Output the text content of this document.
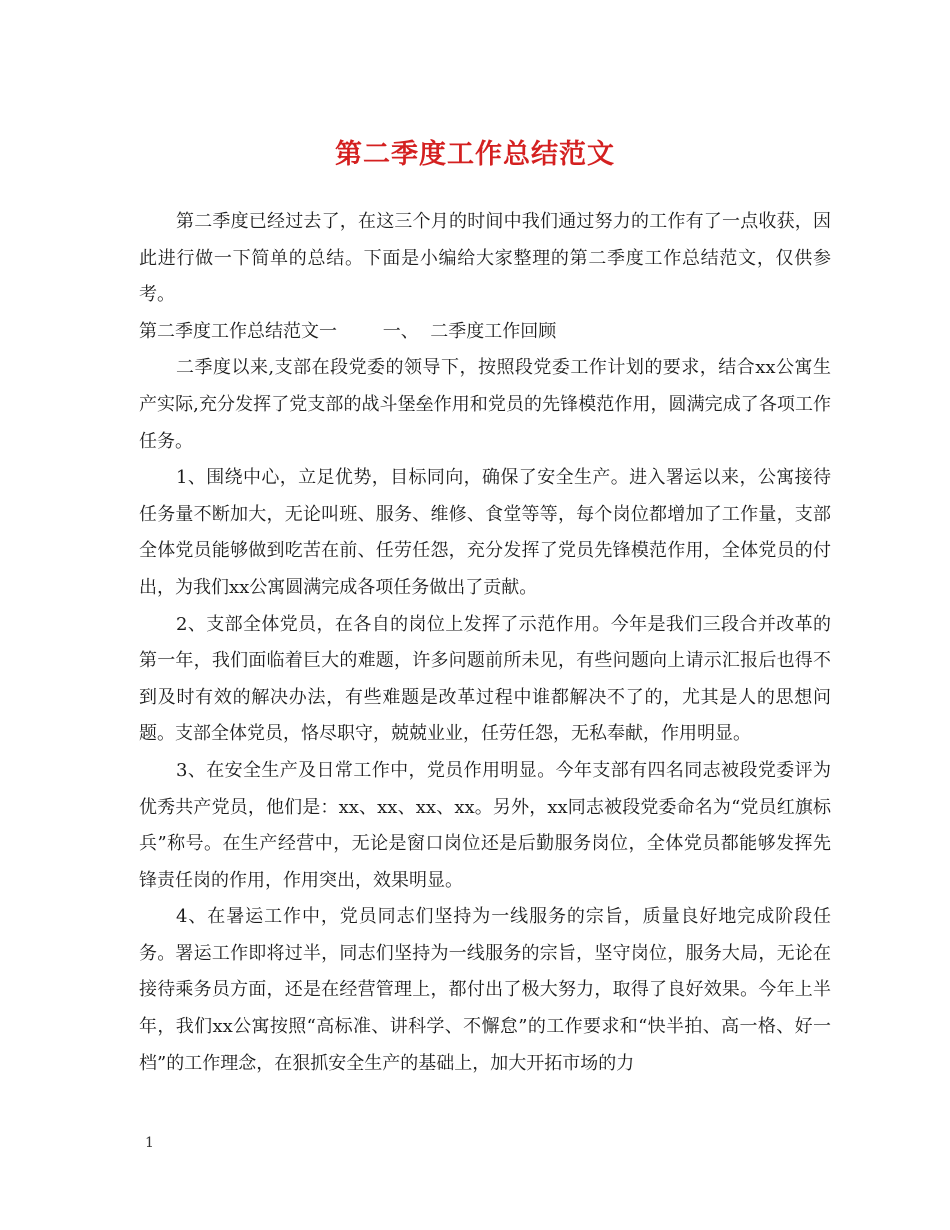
第二季度工作总结范文

第二季度已经过去了，在这三个月的时间中我们通过努力的工作有了一点收获，因此进行做一下简单的总结。下面是小编给大家整理的第二季度工作总结范文，仅供参考。

第二季度工作总结范文一        一、  二季度工作回顾

二季度以来,支部在段党委的领导下，按照段党委工作计划的要求，结合xx公寓生产实际,充分发挥了党支部的战斗堡垒作用和党员的先锋模范作用，圆满完成了各项工作任务。

1、围绕中心，立足优势，目标同向，确保了安全生产。进入署运以来，公寓接待任务量不断加大，无论叫班、服务、维修、食堂等等，每个岗位都增加了工作量，支部全体党员能够做到吃苦在前、任劳任怨，充分发挥了党员先锋模范作用，全体党员的付出，为我们xx公寓圆满完成各项任务做出了贡献。

2、支部全体党员，在各自的岗位上发挥了示范作用。今年是我们三段合并改革的第一年，我们面临着巨大的难题，许多问题前所未见，有些问题向上请示汇报后也得不到及时有效的解决办法，有些难题是改革过程中谁都解决不了的，尤其是人的思想问题。支部全体党员，恪尽职守，兢兢业业，任劳任怨，无私奉献，作用明显。

3、在安全生产及日常工作中，党员作用明显。今年支部有四名同志被段党委评为优秀共产党员，他们是：xx、xx、xx、xx。另外，xx同志被段党委命名为“党员红旗标兵”称号。在生产经营中，无论是窗口岗位还是后勤服务岗位，全体党员都能够发挥先锋责任岗的作用，作用突出，效果明显。

4、在暑运工作中，党员同志们坚持为一线服务的宗旨，质量良好地完成阶段任务。署运工作即将过半，同志们坚持为一线服务的宗旨，坚守岗位，服务大局，无论在接待乘务员方面，还是在经营管理上，都付出了极大努力，取得了良好效果。今年上半年，我们xx公寓按照“高标准、讲科学、不懈怠”的工作要求和“快半拍、高一格、好一档”的工作理念，在狠抓安全生产的基础上，加大开拓市场的力

1
